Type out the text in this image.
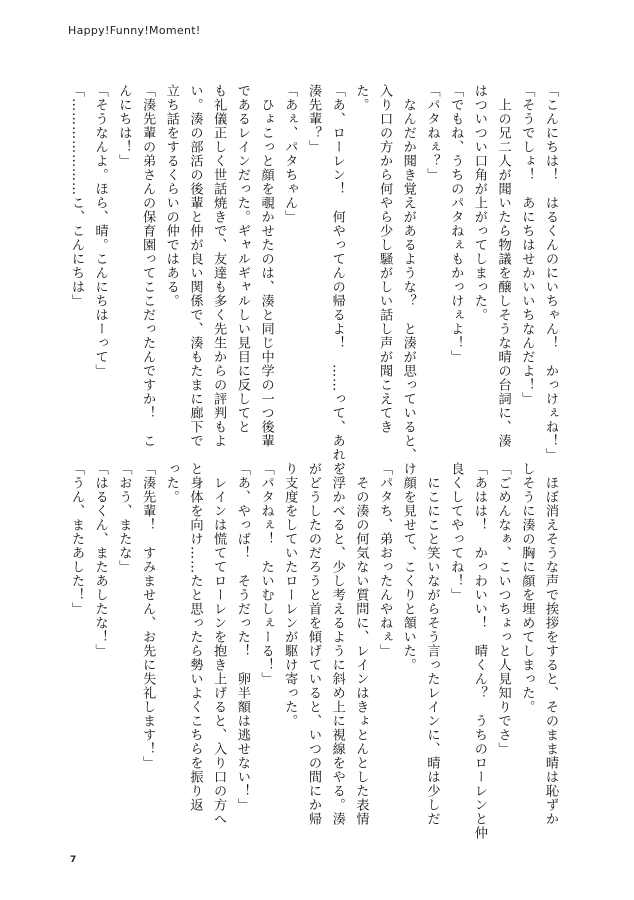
Happy!Funny!Moment!
「こんにちは！　はるくんのにいちゃん！　かっけぇね！」
「そうでしょ！　あにちはせかいいちなんだよ！」
　上の兄二人が聞いたら物議を醸しそうな晴の台詞に、湊
はついつい口角が上がってしまった。
「でもね、うちのパタねぇもかっけぇよ！」
「パタねぇ？」
　なんだか聞き覚えがあるような？　と湊が思っていると、
入り口の方から何やら少し騒がしい話し声が聞こえてき
た。
「あ、ローレン！　何やってんの帰るよ！　……って、あれ、
湊先輩？」
「あぇ、パタちゃん」
　ひょこっと顔を覗かせたのは、湊と同じ中学の一つ後輩
であるレインだった。ギャルギャルしい見目に反してと
も礼儀正しく世話焼きで、友達も多く先生からの評判もよ
い。湊の部活の後輩と仲が良い関係で、湊もたまに廊下で
立ち話をするくらいの仲ではある。
「湊先輩の弟さんの保育園ってここだったんですか！　こ
んにちは！」
「そうなんよ。ほら、晴。こんにちはーって」
「…………………こ、こんにちは」
　ほぼ消えそうな声で挨拶をすると、そのまま晴は恥ずか
しそうに湊の胸に顔を埋めてしまった。
「ごめんなぁ、こいつちょっと人見知りでさ」
「あはは！　かっわいい！　晴くん？　うちのローレンと仲
良くしてやってね！」
　にこにこと笑いながらそう言ったレインに、晴は少しだ
け顔を見せて、こくりと頷いた。
「パタち、弟おったんやねぇ」
　その湊の何気ない質問に、レインはきょとんとした表情
を浮かべると、少し考えるように斜め上に視線をやる。湊
がどうしたのだろうと首を傾げていると、いつの間にか帰
り支度をしていたローレンが駆け寄った。
「パタねぇ！　たいむしぇーる！」
「あ、やっば！　そうだった！　卵半額は逃せない！」
　レインは慌ててローレンを抱き上げると、入り口の方へ
と身体を向け……たと思ったら勢いよくこちらを振り返
った。
「湊先輩！　すみません、お先に失礼します！」
「おう、またな」
「はるくん、またあしたな！」
「うん、またあした！」
7
